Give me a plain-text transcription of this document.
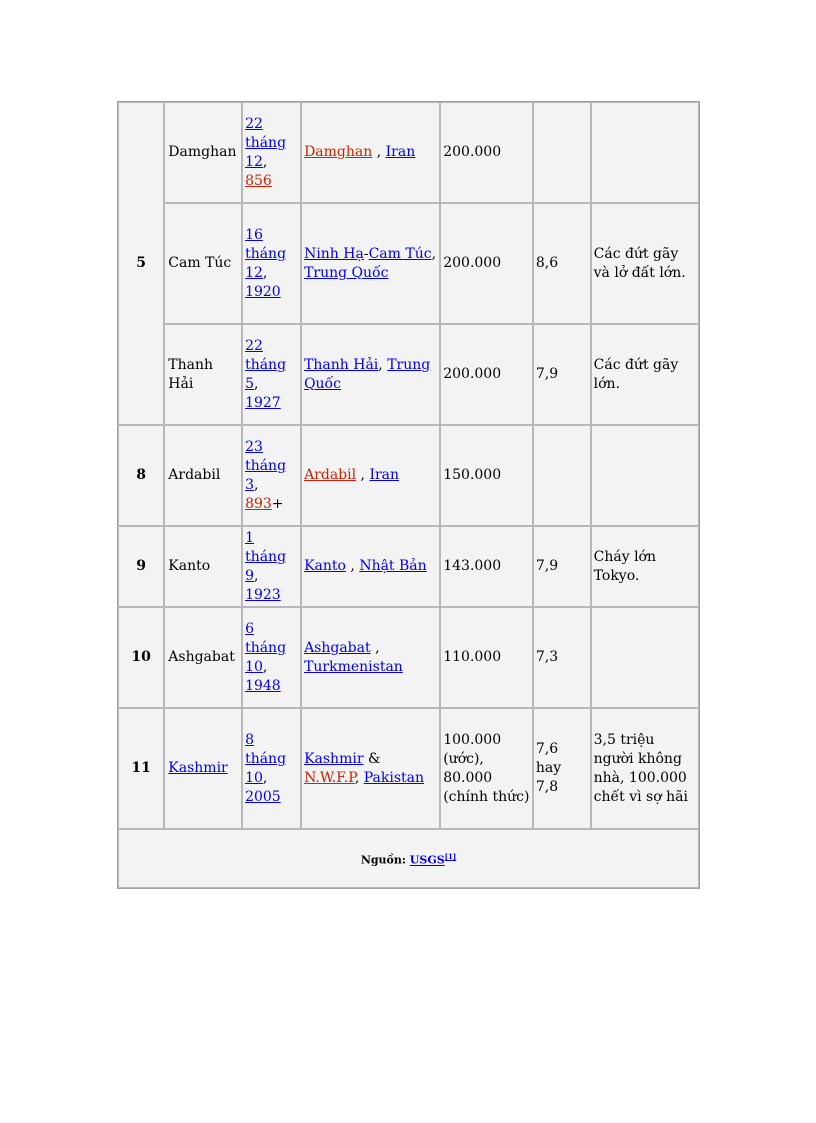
5	Damghan	22 tháng 12, 856	Damghan , Iran	200.000		
	Cam Túc	16 tháng 12, 1920	Ninh Hạ-Cam Túc, Trung Quốc	200.000	8,6	Các đứt gãy và lở đất lớn.
	Thanh Hải	22 tháng 5, 1927	Thanh Hải, Trung Quốc	200.000	7,9	Các đứt gãy lớn.
8	Ardabil	23 tháng 3, 893+	Ardabil , Iran	150.000		
9	Kanto	1 tháng 9, 1923	Kanto , Nhật Bản	143.000	7,9	Cháy lớn Tokyo.
10	Ashgabat	6 tháng 10, 1948	Ashgabat , Turkmenistan	110.000	7,3	
11	Kashmir	8 tháng 10, 2005	Kashmir & N.W.F.P, Pakistan	100.000 (ước), 80.000 (chính thức)	7,6 hay 7,8	3,5 triệu người không nhà, 100.000 chết vì sợ hãi
Nguồn: USGS[1]
